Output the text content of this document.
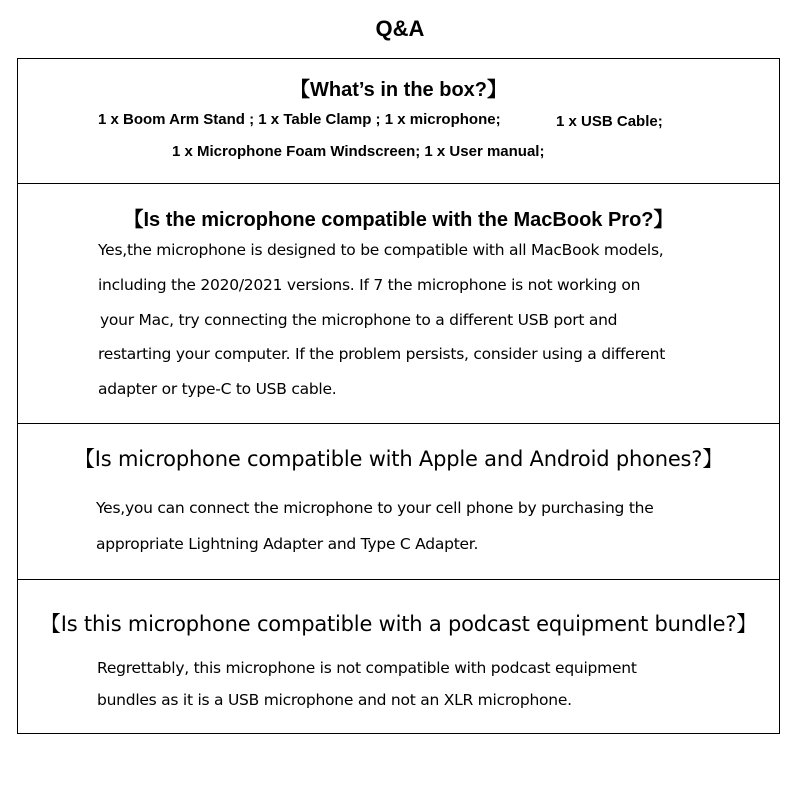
Q&A
【What’s in the box?】
1 x Boom Arm Stand ; 1 x Table Clamp ; 1 x microphone;	1 x USB Cable;
1 x Microphone Foam Windscreen; 1 x User manual;
【Is the microphone compatible with the MacBook Pro?】
Yes,the microphone is designed to be compatible with all MacBook models,
including the 2020/2021 versions. If 7 the microphone is not working on
your Mac, try connecting the microphone to a different USB port and
restarting your computer. If the problem persists, consider using a different
adapter or type-C to USB cable.
【Is microphone compatible with Apple and Android phones?】
Yes,you can connect the microphone to your cell phone by purchasing the
appropriate Lightning Adapter and Type C Adapter.
【Is this microphone compatible with a podcast equipment bundle?】
Regrettably, this microphone is not compatible with podcast equipment
bundles as it is a USB microphone and not an XLR microphone.
